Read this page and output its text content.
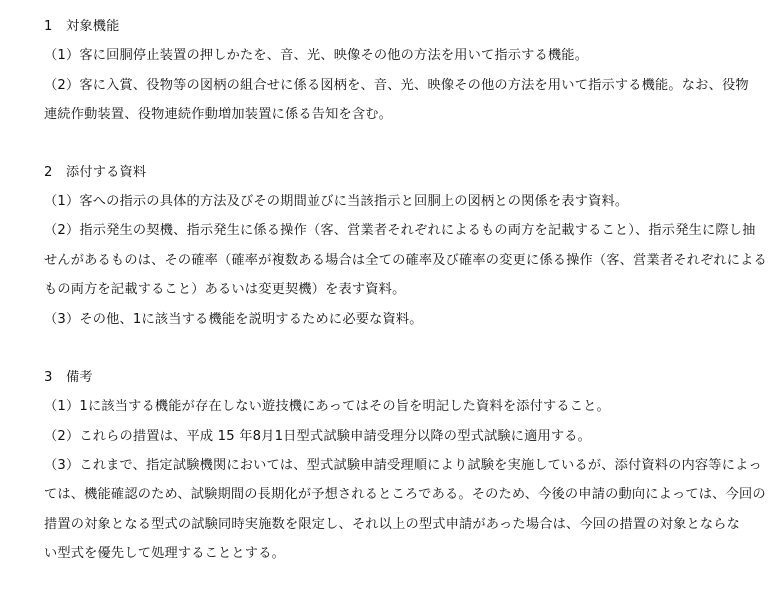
1　対象機能
（1）客に回胴停止装置の押しかたを、音、光、映像その他の方法を用いて指示する機能。
（2）客に入賞、役物等の図柄の組合せに係る図柄を、音、光、映像その他の方法を用いて指示する機能。なお、役物
連続作動装置、役物連続作動増加装置に係る告知を含む。
2　添付する資料
（1）客への指示の具体的方法及びその期間並びに当該指示と回胴上の図柄との関係を表す資料。
（2）指示発生の契機、指示発生に係る操作（客、営業者それぞれによるもの両方を記載すること）、指示発生に際し抽
せんがあるものは、その確率（確率が複数ある場合は全ての確率及び確率の変更に係る操作（客、営業者それぞれによる
もの両方を記載すること）あるいは変更契機）を表す資料。
（3）その他、1に該当する機能を説明するために必要な資料。
3　備考
（1）1に該当する機能が存在しない遊技機にあってはその旨を明記した資料を添付すること。
（2）これらの措置は、平成 15 年8月1日型式試験申請受理分以降の型式試験に適用する。
（3）これまで、指定試験機関においては、型式試験申請受理順により試験を実施しているが、添付資料の内容等によっ
ては、機能確認のため、試験期間の長期化が予想されるところである。そのため、今後の申請の動向によっては、今回の
措置の対象となる型式の試験同時実施数を限定し、それ以上の型式申請があった場合は、今回の措置の対象とならな
い型式を優先して処理することとする。
